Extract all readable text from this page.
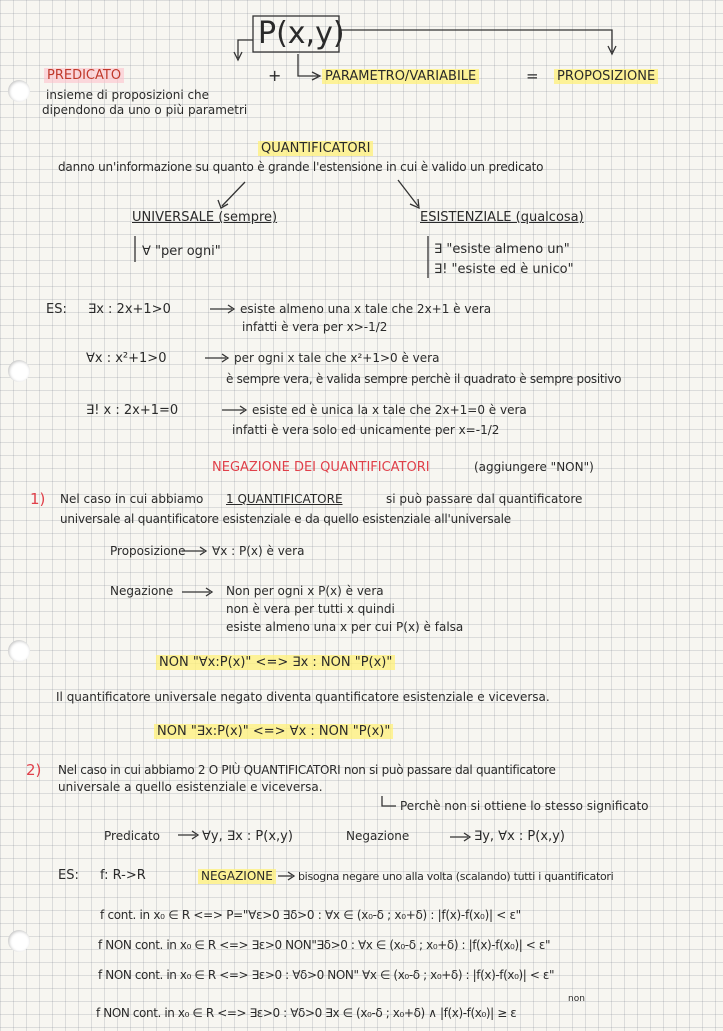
P(x,y)
PREDICATO	+	PARAMETRO/VARIABILE	= PROPOSIZIONE
insieme di proposizioni che
dipendono da uno o più parametri
QUANTIFICATORI
danno un'informazione su quanto è grande l'estensione in cui è valido un predicato
UNIVERSALE (sempre)
∀ "per ogni"
ESISTENZIALE (qualcosa)
∃ "esiste almeno un"
∃! "esiste ed è unico"
ES: ∃x : 2x+1>0	esiste almeno una x tale che 2x+1 è vera
infatti è vera per x>-1/2
∀x : x²+1>0	per ogni x tale che x²+1>0 è vera
è sempre vera, è valida sempre perchè il quadrato è sempre positivo
∃! x : 2x+1=0	esiste ed è unica la x tale che 2x+1=0 è vera
infatti è vera solo ed unicamente per x=-1/2
NEGAZIONE DEI QUANTIFICATORI	(aggiungere "NON")
1) Nel caso in cui abbiamo 1 QUANTIFICATORE	si può passare dal quantificatore
universale al quantificatore esistenziale e da quello esistenziale all'universale
Proposizione ∀x : P(x) è vera
Negazione	Non per ogni x P(x) è vera
non è vera per tutti x quindi
esiste almeno una x per cui P(x) è falsa
NON "∀x:P(x)" <=> ∃x : NON "P(x)"
Il quantificatore universale negato diventa quantificatore esistenziale e viceversa.
NON "∃x:P(x)" <=> ∀x : NON "P(x)"
2) Nel caso in cui abbiamo 2 O PIÙ QUANTIFICATORI non si può passare dal quantificatore
universale a quello esistenziale e viceversa.
Perchè non si ottiene lo stesso significato
Predicato	∀y, ∃x : P(x,y)	Negazione	∃y, ∀x : P(x,y)
ES: f: R->R	NEGAZIONE bisogna negare uno alla volta (scalando) tutti i quantificatori
f cont. in x₀ ∈ R <=> P="∀ε>0 ∃δ>0 : ∀x ∈ (x₀-δ ; x₀+δ) : |f(x)-f(x₀)| < ε"
f NON cont. in x₀ ∈ R <=> ∃ε>0 NON"∃δ>0 : ∀x ∈ (x₀-δ ; x₀+δ) : |f(x)-f(x₀)| < ε"
f NON cont. in x₀ ∈ R <=> ∃ε>0 : ∀δ>0 NON" ∀x ∈ (x₀-δ ; x₀+δ) : |f(x)-f(x₀)| < ε"
non
f NON cont. in x₀ ∈ R <=> ∃ε>0 : ∀δ>0 ∃x ∈ (x₀-δ ; x₀+δ) ∧ |f(x)-f(x₀)| ≥ ε
